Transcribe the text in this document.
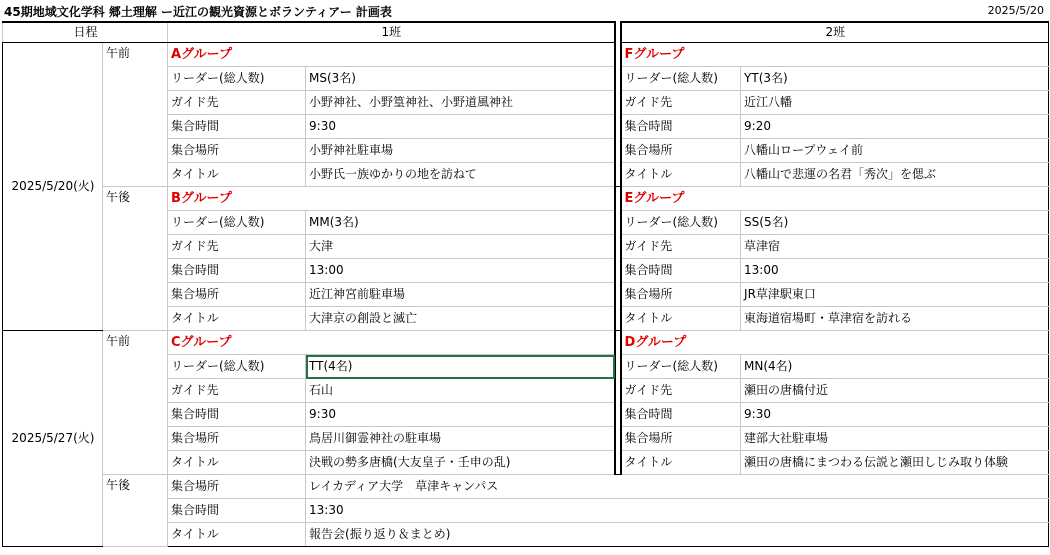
45期地域文化学科 郷土理解 ー近江の観光資源とボランティアー 計画表	2025/5/20
日程		1班			2班	
2025/5/20(火)	午前	Aグループ			Fグループ	
		リーダー(総人数)	MS(3名)		リーダー(総人数)	YT(3名)
		ガイド先	小野神社、小野篁神社、小野道風神社		ガイド先	近江八幡
		集合時間	9:30		集合時間	9:20
		集合場所	小野神社駐車場		集合場所	八幡山ロープウェイ前
		タイトル	小野氏一族ゆかりの地を訪ねて		タイトル	八幡山で悲運の名君「秀次」を偲ぶ
	午後	Bグループ			Eグループ	
		リーダー(総人数)	MM(3名)		リーダー(総人数)	SS(5名)
		ガイド先	大津		ガイド先	草津宿
		集合時間	13:00		集合時間	13:00
		集合場所	近江神宮前駐車場		集合場所	JR草津駅東口
		タイトル	大津京の創設と滅亡		タイトル	東海道宿場町・草津宿を訪れる
2025/5/27(火)	午前	Cグループ			Dグループ	
		リーダー(総人数)	TT(4名)		リーダー(総人数)	MN(4名)
		ガイド先	石山		ガイド先	瀬田の唐橋付近
		集合時間	9:30		集合時間	9:30
		集合場所	鳥居川御霊神社の駐車場		集合場所	建部大社駐車場
		タイトル	決戦の勢多唐橋(大友皇子・壬申の乱)		タイトル	瀬田の唐橋にまつわる伝説と瀬田しじみ取り体験
	午後	集合場所	レイカディア大学　草津キャンパス			
		集合時間	13:30			
		タイトル	報告会(振り返り＆まとめ)			
